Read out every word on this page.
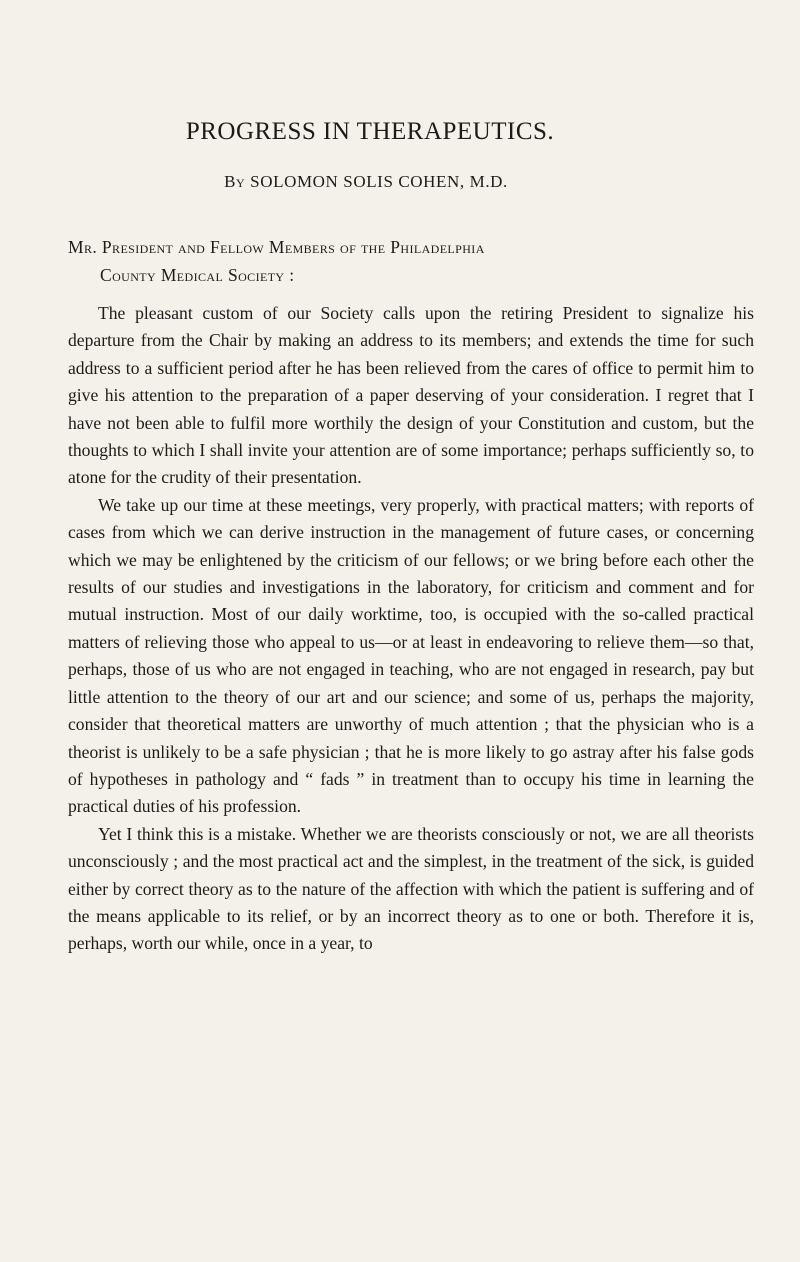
PROGRESS IN THERAPEUTICS.
By SOLOMON SOLIS COHEN, M.D.
Mr. President and Fellow Members of the Philadelphia
County Medical Society :

The pleasant custom of our Society calls upon the retiring President to signalize his departure from the Chair by making an address to its members; and extends the time for such address to a sufficient period after he has been relieved from the cares of office to permit him to give his attention to the preparation of a paper deserving of your consideration. I regret that I have not been able to fulfil more worthily the design of your Constitution and custom, but the thoughts to which I shall invite your attention are of some importance; perhaps sufficiently so, to atone for the crudity of their presentation.

We take up our time at these meetings, very properly, with practical matters; with reports of cases from which we can derive instruction in the management of future cases, or concerning which we may be enlightened by the criticism of our fellows; or we bring before each other the results of our studies and investigations in the laboratory, for criticism and comment and for mutual instruction. Most of our daily worktime, too, is occupied with the so-called practical matters of relieving those who appeal to us—or at least in endeavoring to relieve them—so that, perhaps, those of us who are not engaged in teaching, who are not engaged in research, pay but little attention to the theory of our art and our science; and some of us, perhaps the majority, consider that theoretical matters are unworthy of much attention ; that the physician who is a theorist is unlikely to be a safe physician ; that he is more likely to go astray after his false gods of hypotheses in pathology and “ fads ” in treatment than to occupy his time in learning the practical duties of his profession.

Yet I think this is a mistake. Whether we are theorists consciously or not, we are all theorists unconsciously ; and the most practical act and the simplest, in the treatment of the sick, is guided either by correct theory as to the nature of the affection with which the patient is suffering and of the means applicable to its relief, or by an incorrect theory as to one or both. Therefore it is, perhaps, worth our while, once in a year, to
